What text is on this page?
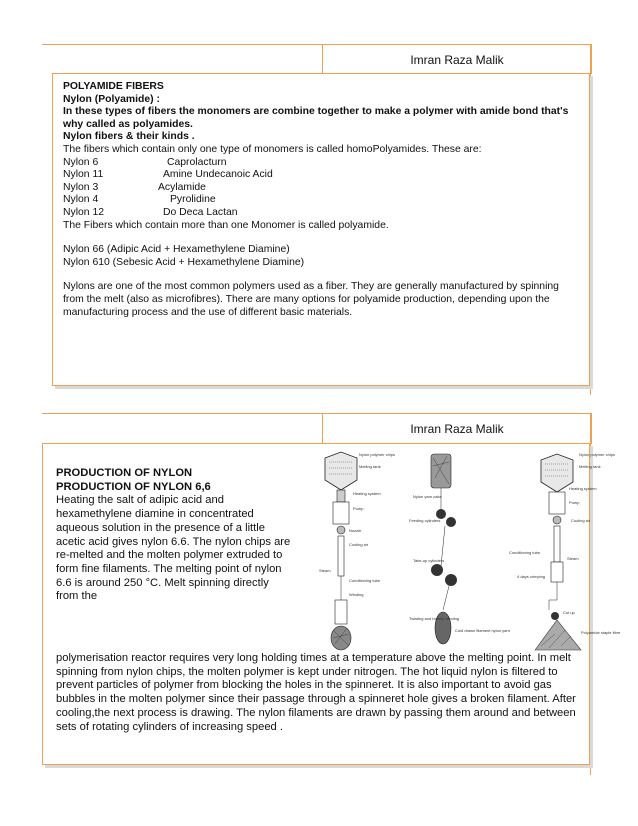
Imran Raza Malik
POLYAMIDE FIBERS
Nylon (Polyamide) :
In these types of fibers the monomers are combine together to make a polymer with amide bond that's why called as polyamides.
Nylon fibers & their kinds .
The fibers which contain only one type of monomers is called homoPolyamides. These are:
Nylon 6	Caprolacturn
Nylon 11	Amine Undecanoic Acid
Nylon 3	Acylamide
Nylon 4	Pyrolidine
Nylon 12	Do Deca Lactan
The Fibers which contain more than one Monomer is called polyamide.
Nylon 66 (Adipic Acid + Hexamethylene Diamine)
Nylon 610 (Sebesic Acid + Hexamethylene Diamine)
Nylons are one of the most common polymers used as a fiber. They are generally manufactured by spinning from the melt (also as microfibres). There are many options for polyamide production, depending upon the manufacturing process and the use of different basic materials.
Imran Raza Malik
PRODUCTION OF NYLON
PRODUCTION OF NYLON 6,6
Heating the salt of adipic acid and hexamethylene diamine in concentrated aqueous solution in the presence of a little acetic acid gives nylon 6.6. The nylon chips are re-melted and the molten polymer extruded to form fine filaments. The melting point of nylon 6.6 is around 250 °C. Melt spinning directly from the
Nylon polymer chips
Melting tank
Heating system
Pump
Nozzle
Cooling air
Steam
Conditioning tube
Winding
Nylon yarn cake
Feeding cylinders
Take-up cylinders
Twisting and bobbin winding
Cold drawn filament nylon yarn
Nylon polymer chips
Melting tank
Heating system
Pump
Cooling air
Conditioning tube
Steam
4 days crimping
Cut up
Polyamide staple fibre
polymerisation reactor requires very long holding times at a temperature above the melting point. In melt spinning from nylon chips, the molten polymer is kept under nitrogen. The hot liquid nylon is filtered to prevent particles of polymer from blocking the holes in the spinneret. It is also important to avoid gas bubbles in the molten polymer since their passage through a spinneret hole gives a broken filament. After cooling,the next process is drawing. The nylon filaments are drawn by passing them around and between sets of rotating cylinders of increasing speed .
